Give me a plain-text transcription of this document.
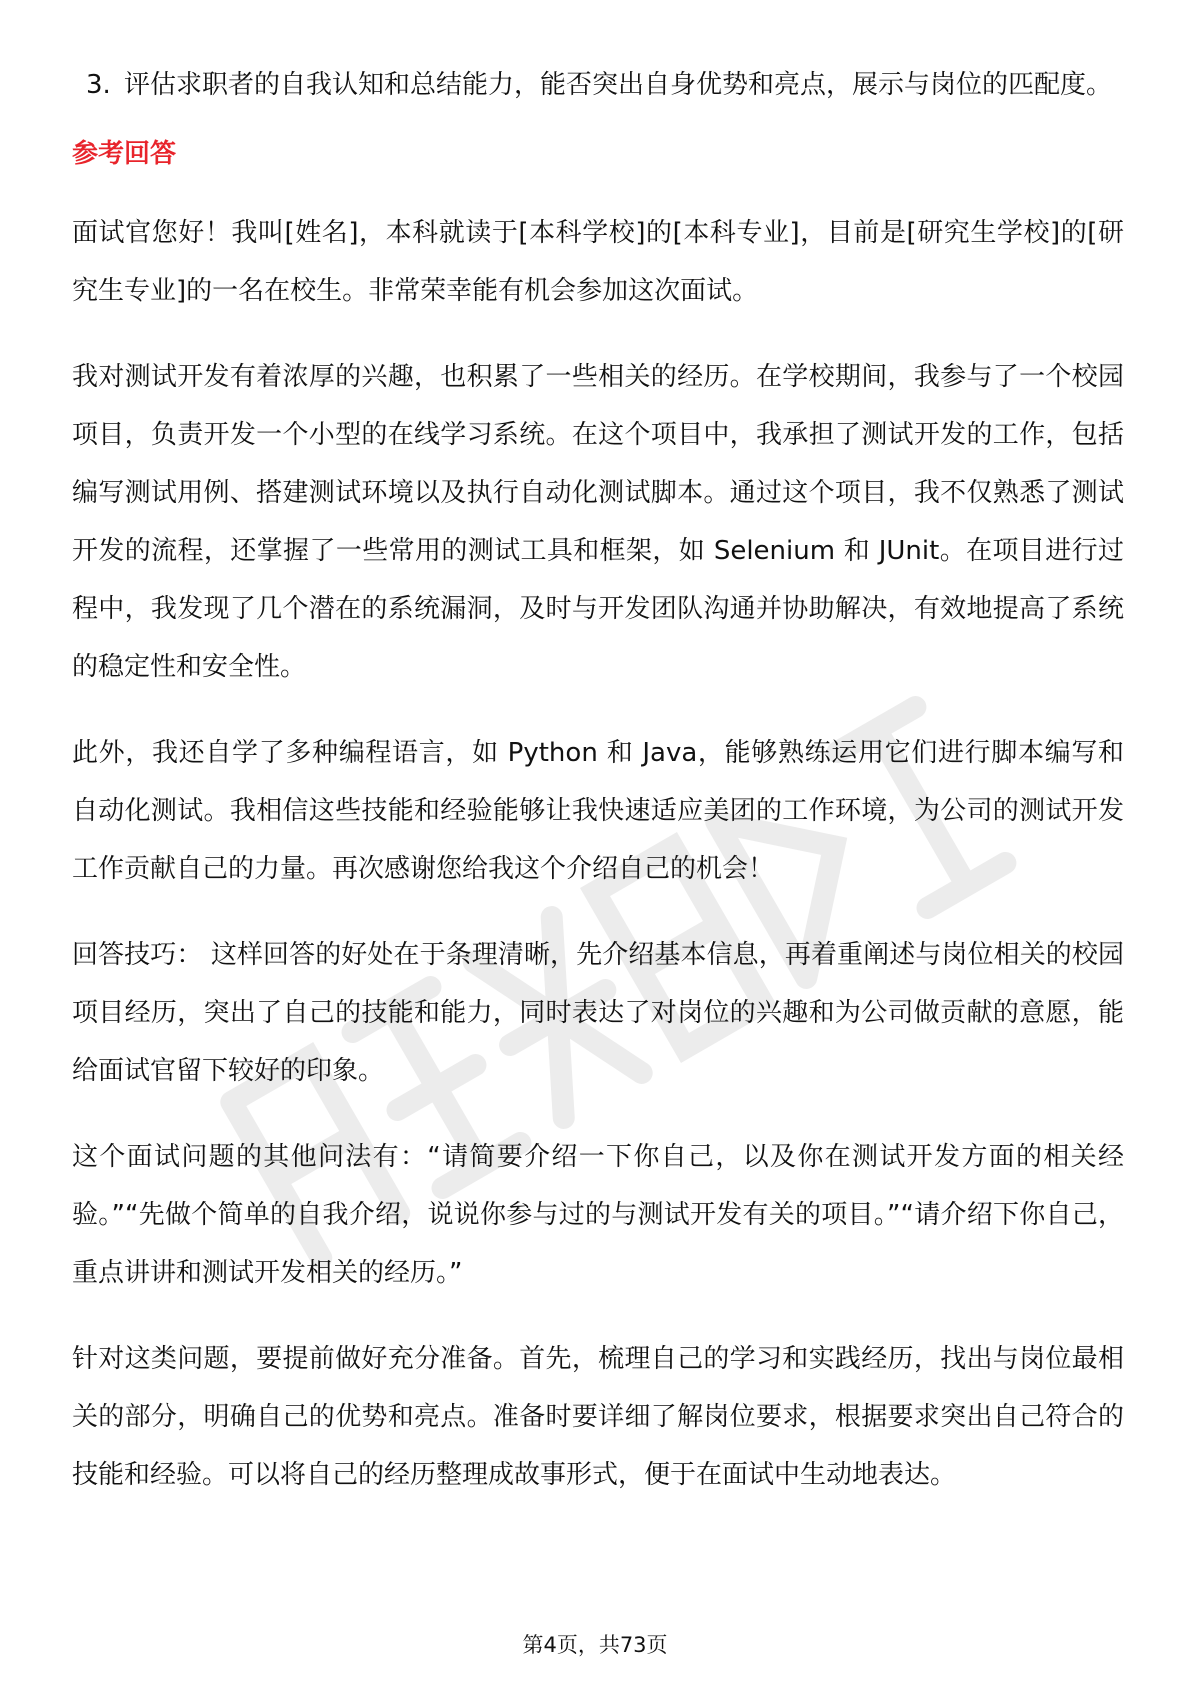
3. 评估求职者的自我认知和总结能力，能否突出自身优势和亮点，展示与岗位的匹配度。
参考回答

面试官您好！我叫[姓名]，本科就读于[本科学校]的[本科专业]，目前是[研究生学校]的[研究生专业]的一名在校生。非常荣幸能有机会参加这次面试。

我对测试开发有着浓厚的兴趣，也积累了一些相关的经历。在学校期间，我参与了一个校园项目，负责开发一个小型的在线学习系统。在这个项目中，我承担了测试开发的工作，包括编写测试用例、搭建测试环境以及执行自动化测试脚本。通过这个项目，我不仅熟悉了测试开发的流程，还掌握了一些常用的测试工具和框架，如 Selenium 和 JUnit。在项目进行过程中，我发现了几个潜在的系统漏洞，及时与开发团队沟通并协助解决，有效地提高了系统的稳定性和安全性。

此外，我还自学了多种编程语言，如 Python 和 Java，能够熟练运用它们进行脚本编写和自动化测试。我相信这些技能和经验能够让我快速适应美团的工作环境，为公司的测试开发工作贡献自己的力量。再次感谢您给我这个介绍自己的机会！

回答技巧： 这样回答的好处在于条理清晰，先介绍基本信息，再着重阐述与岗位相关的校园项目经历，突出了自己的技能和能力，同时表达了对岗位的兴趣和为公司做贡献的意愿，能给面试官留下较好的印象。

这个面试问题的其他问法有：“请简要介绍一下你自己，以及你在测试开发方面的相关经验。”“先做个简单的自我介绍，说说你参与过的与测试开发有关的项目。”“请介绍下你自己，重点讲讲和测试开发相关的经历。”

针对这类问题，要提前做好充分准备。首先，梳理自己的学习和实践经历，找出与岗位最相关的部分，明确自己的优势和亮点。准备时要详细了解岗位要求，根据要求突出自己符合的技能和经验。可以将自己的经历整理成故事形式，便于在面试中生动地表达。

第4页，共73页
